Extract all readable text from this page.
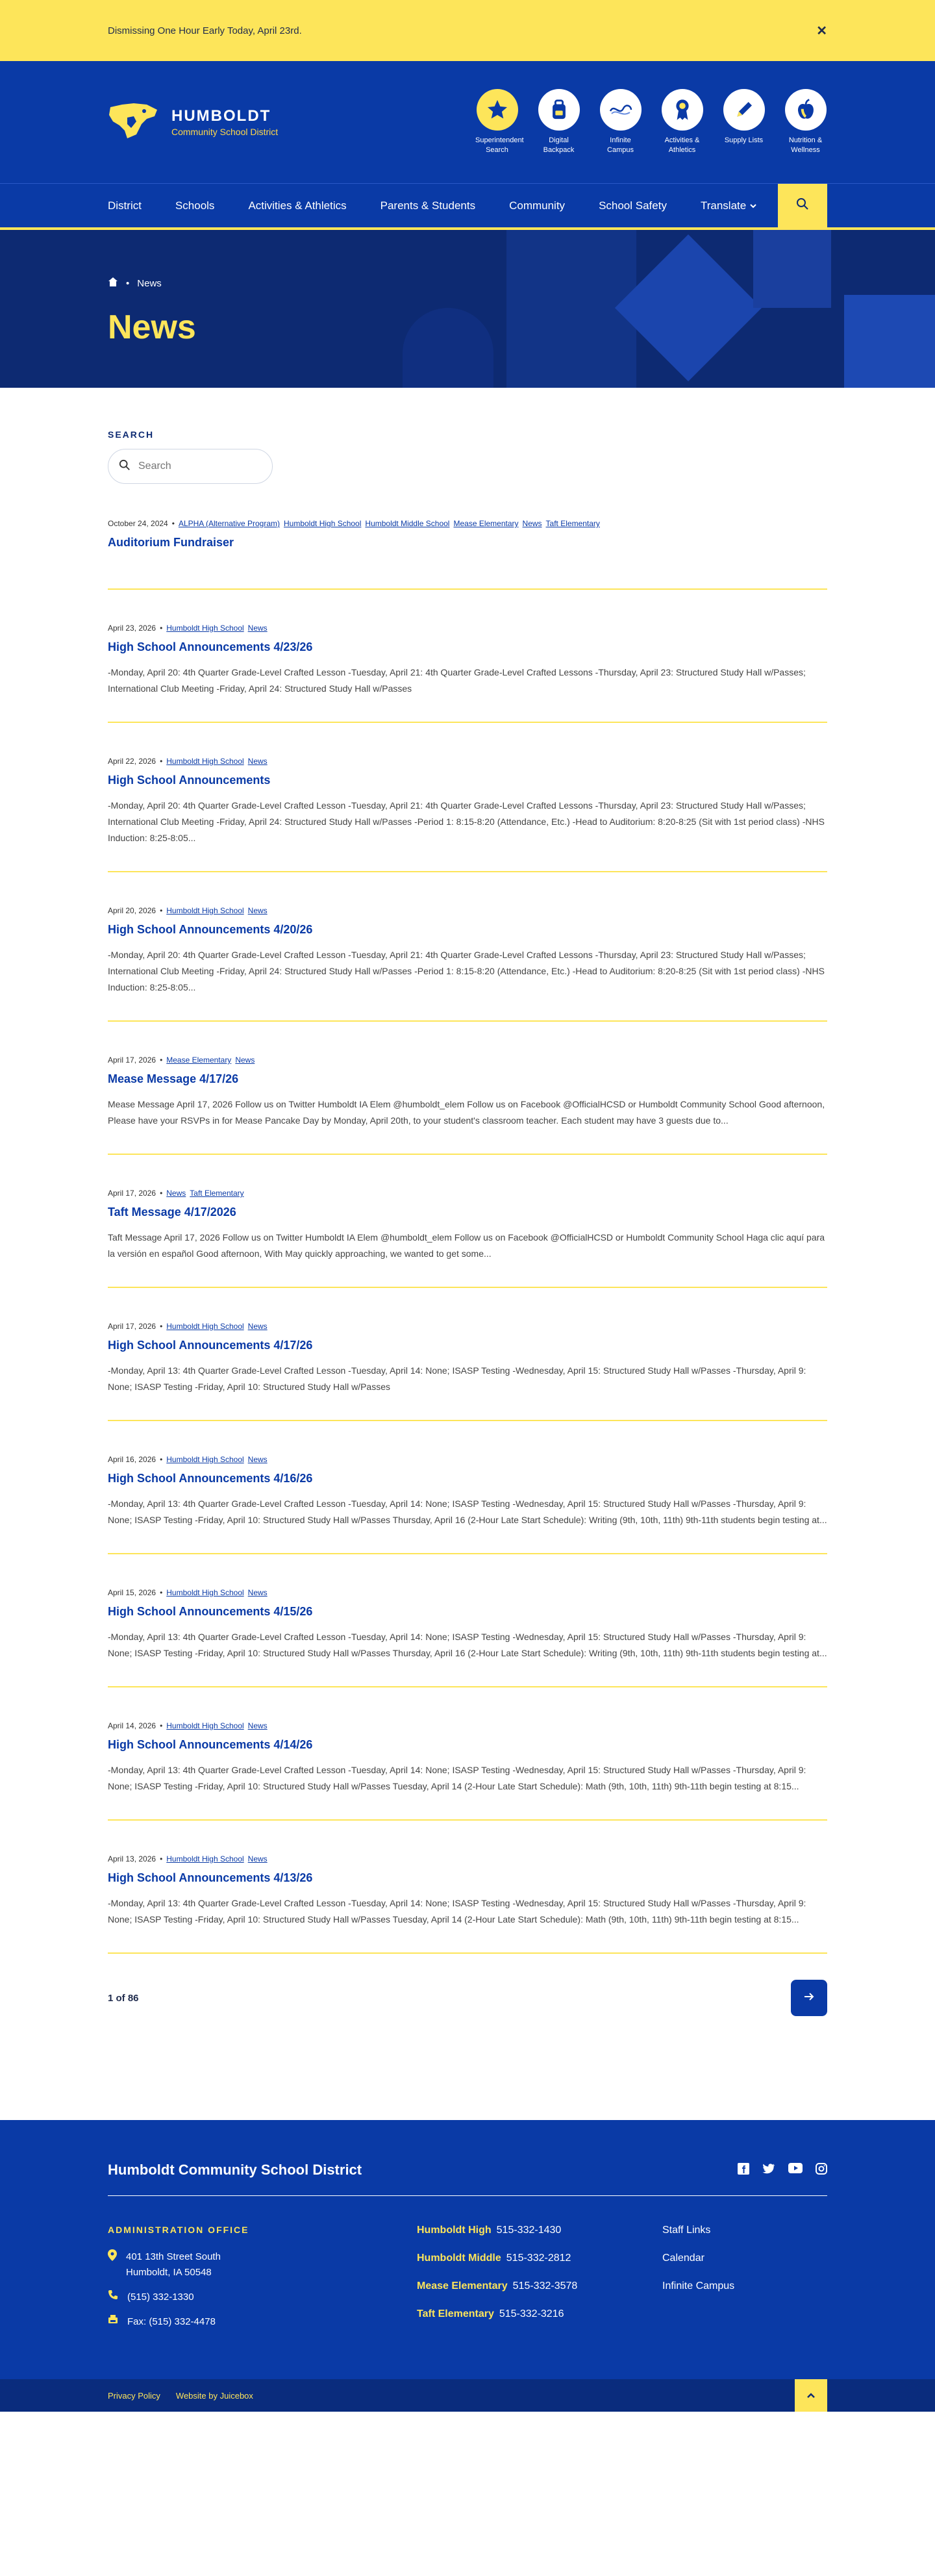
Dismissing One Hour Early Today, April 23rd.	✕
HUMBOLDT
Community School District
Superintendent Search
Digital Backpack
Infinite Campus
Activities & Athletics
Supply Lists	Nutrition & Wellness
District	Schools	Activities & Athletics	Parents & Students	Community	School Safety	Translate
• News
News
SEARCH
Search
October 24, 2024 • ALPHA (Alternative Program) Humboldt High School Humboldt Middle School Mease Elementary News Taft Elementary
Auditorium Fundraiser
April 23, 2026 • Humboldt High School News
High School Announcements 4/23/26

-Monday, April 20: 4th Quarter Grade-Level Crafted Lesson -Tuesday, April 21: 4th Quarter Grade-Level Crafted Lessons -Thursday, April 23: Structured Study Hall w/Passes; International Club Meeting -Friday, April 24: Structured Study Hall w/Passes

April 22, 2026 • Humboldt High School News
High School Announcements

-Monday, April 20: 4th Quarter Grade-Level Crafted Lesson -Tuesday, April 21: 4th Quarter Grade-Level Crafted Lessons -Thursday, April 23: Structured Study Hall w/Passes; International Club Meeting -Friday, April 24: Structured Study Hall w/Passes -Period 1: 8:15-8:20 (Attendance, Etc.) -Head to Auditorium: 8:20-8:25 (Sit with 1st period class) -NHS Induction: 8:25-8:05...

April 20, 2026 • Humboldt High School News
High School Announcements 4/20/26

-Monday, April 20: 4th Quarter Grade-Level Crafted Lesson -Tuesday, April 21: 4th Quarter Grade-Level Crafted Lessons -Thursday, April 23: Structured Study Hall w/Passes; International Club Meeting -Friday, April 24: Structured Study Hall w/Passes -Period 1: 8:15-8:20 (Attendance, Etc.) -Head to Auditorium: 8:20-8:25 (Sit with 1st period class) -NHS Induction: 8:25-8:05...

April 17, 2026 • Mease Elementary News
Mease Message 4/17/26

Mease Message April 17, 2026 Follow us on Twitter Humboldt IA Elem @humboldt_elem Follow us on Facebook @OfficialHCSD or Humboldt Community School Good afternoon, Please have your RSVPs in for Mease Pancake Day by Monday, April 20th, to your student's classroom teacher. Each student may have 3 guests due to...

April 17, 2026 • News Taft Elementary
Taft Message 4/17/2026

Taft Message April 17, 2026 Follow us on Twitter Humboldt IA Elem @humboldt_elem Follow us on Facebook @OfficialHCSD or Humboldt Community School Haga clic aquí para la versión en español Good afternoon, With May quickly approaching, we wanted to get some...

April 17, 2026 • Humboldt High School News
High School Announcements 4/17/26

-Monday, April 13: 4th Quarter Grade-Level Crafted Lesson -Tuesday, April 14: None; ISASP Testing -Wednesday, April 15: Structured Study Hall w/Passes -Thursday, April 9: None; ISASP Testing -Friday, April 10: Structured Study Hall w/Passes

April 16, 2026 • Humboldt High School News
High School Announcements 4/16/26

-Monday, April 13: 4th Quarter Grade-Level Crafted Lesson -Tuesday, April 14: None; ISASP Testing -Wednesday, April 15: Structured Study Hall w/Passes -Thursday, April 9: None; ISASP Testing -Friday, April 10: Structured Study Hall w/Passes Thursday, April 16 (2-Hour Late Start Schedule): Writing (9th, 10th, 11th) 9th-11th students begin testing at...

April 15, 2026 • Humboldt High School News
High School Announcements 4/15/26

-Monday, April 13: 4th Quarter Grade-Level Crafted Lesson -Tuesday, April 14: None; ISASP Testing -Wednesday, April 15: Structured Study Hall w/Passes -Thursday, April 9: None; ISASP Testing -Friday, April 10: Structured Study Hall w/Passes Thursday, April 16 (2-Hour Late Start Schedule): Writing (9th, 10th, 11th) 9th-11th students begin testing at...

April 14, 2026 • Humboldt High School News
High School Announcements 4/14/26

-Monday, April 13: 4th Quarter Grade-Level Crafted Lesson -Tuesday, April 14: None; ISASP Testing -Wednesday, April 15: Structured Study Hall w/Passes -Thursday, April 9: None; ISASP Testing -Friday, April 10: Structured Study Hall w/Passes Tuesday, April 14 (2-Hour Late Start Schedule): Math (9th, 10th, 11th) 9th-11th begin testing at 8:15...

April 13, 2026 • Humboldt High School News
High School Announcements 4/13/26

-Monday, April 13: 4th Quarter Grade-Level Crafted Lesson -Tuesday, April 14: None; ISASP Testing -Wednesday, April 15: Structured Study Hall w/Passes -Thursday, April 9: None; ISASP Testing -Friday, April 10: Structured Study Hall w/Passes Tuesday, April 14 (2-Hour Late Start Schedule): Math (9th, 10th, 11th) 9th-11th begin testing at 8:15...

1 of 86
Humboldt Community School District
ADMINISTRATION OFFICE
401 13th Street South
Humboldt, IA 50548
(515) 332-1330
Fax: (515) 332-4478
Humboldt High 515-332-1430
Humboldt Middle 515-332-2812
Mease Elementary 515-332-3578
Taft Elementary 515-332-3216
Staff Links
Calendar
Infinite Campus
Privacy Policy Website by Juicebox
